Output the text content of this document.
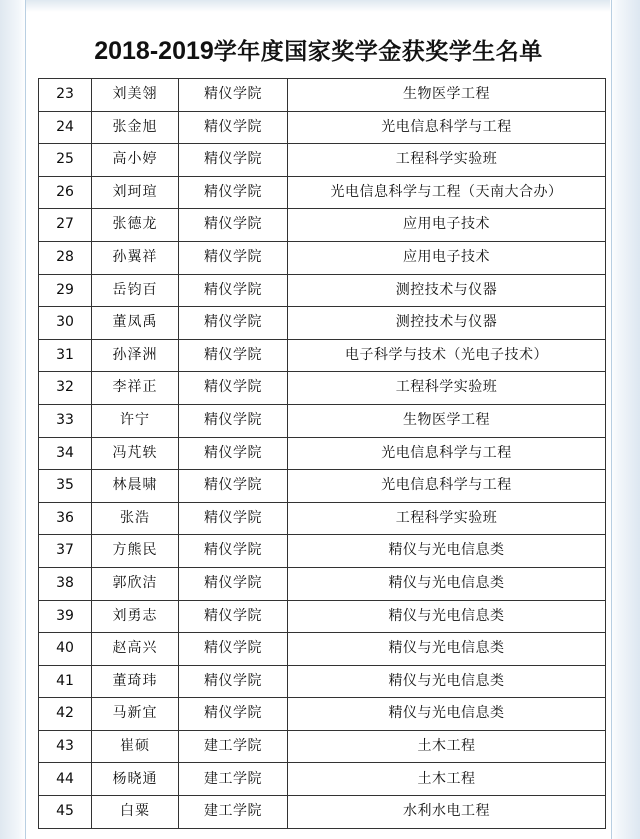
2018-2019学年度国家奖学金获奖学生名单
23	刘美翎	精仪学院	生物医学工程
24	张金旭	精仪学院	光电信息科学与工程
25	高小婷	精仪学院	工程科学实验班
26	刘珂瑄	精仪学院	光电信息科学与工程（天南大合办）
27	张德龙	精仪学院	应用电子技术
28	孙翼祥	精仪学院	应用电子技术
29	岳钧百	精仪学院	测控技术与仪器
30	董凤禹	精仪学院	测控技术与仪器
31	孙泽洲	精仪学院	电子科学与技术（光电子技术）
32	李祥正	精仪学院	工程科学实验班
33	许宁	精仪学院	生物医学工程
34	冯芃轶	精仪学院	光电信息科学与工程
35	林晨啸	精仪学院	光电信息科学与工程
36	张浩	精仪学院	工程科学实验班
37	方熊民	精仪学院	精仪与光电信息类
38	郭欣洁	精仪学院	精仪与光电信息类
39	刘勇志	精仪学院	精仪与光电信息类
40	赵高兴	精仪学院	精仪与光电信息类
41	董琦玮	精仪学院	精仪与光电信息类
42	马新宜	精仪学院	精仪与光电信息类
43	崔硕	建工学院	土木工程
44	杨晓通	建工学院	土木工程
45	白粟	建工学院	水利水电工程
